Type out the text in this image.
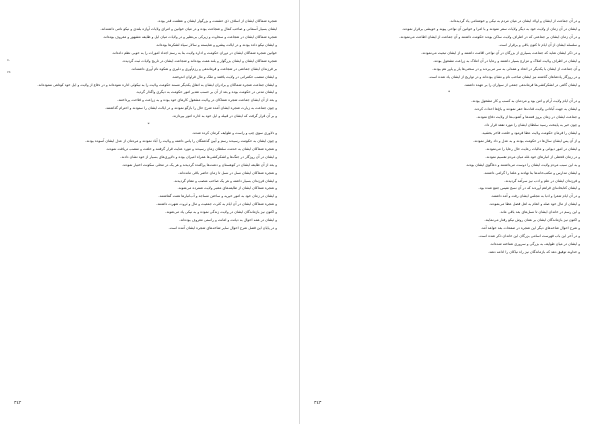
٥٠
٧٥

شجره شماکان ایشان از اسلاف ذی حشمت و بزرگوار ایشان و عظمت قدر بوده.

ایشان بسیار آسمانی و صاحب کمال و شجاعت بوده و در میان خوانین و امرای ولایات آوازه بلندی و نیکو نامی داشته‌اند.

شجره شماکان ایشان در شجاعت و سخاوت و زیرکی بی‌نظیر و در ولایات میان ایل و طایفه مشهور و معروف بوده‌اند.

و ایشان نیکو داده بودند و در ایالت پیشرو و شایسته و سالار سپاه لشکرها بوده‌اند.

خوانین شجره شماکان ایشان در دوران حکومت و اداره ولایت بنا به رسم اجداد امورات را به خوبی نظم داده‌اند.

شجره شماکان ایشان و ایشان بزرگوار و بلند همت بوده‌اند و شجاعت ایشان در تاریخ ولایات ثبت گردیده.

بر فرزندان ایشان جماعتی در شجاعت و فرماندهی و رزم‌آوری و دلیری و شکوه نام آوری داشته‌اند.

و ایشان منصب حکمرانی در ولایت یافتند و ملک و مال فراوان اندوختند.

و ایشان جماعت شجره شماکان و برادران ایشان به اتفاق یکدیگر مسند حکومت ولایت را به نیکوئی اداره نموده‌اند و در دفاع از ولایت و ایل خود کوتاهی ننموده‌اند.

و ایشان مدتی در حکومت بوده و بعد از آن بر حسب تقدیر امور حکومت به دیگری واگذار گردید.

و بعد از آن ایشان جماعت شجره شماکان در ولایت مشغول کارهای خود بوده و به زراعت و فلاحت پرداختند.

و چون جماعت به زیارت شجره ایشان آمده شرح حال را بازگو نمودند و در ایالت ایشان را ستودند و احترام گذاشتند.

و بر آن قرار گرفت که ایشان در قبیله و ایل خود به اداره امور بپردازند.

*

و دلاوری سوی چپ و راست و طوایف کرمان کرده شدند.

و چون ایشان به حکومت رسیدند رسم و آیین گذشتگان را پاس داشته و ولایت را آباد نمودند و مردمان از عدل ایشان آسوده بودند.

و شجره شماکان ایشان به خدمت سلطان زمان رسیدند و مورد عنایت قرار گرفتند و خلعت و منصب دریافت نمودند.

و ایشان در آن روزگار در جنگ‌ها و لشکرکشی‌ها همراه امیران بوده و دلاوری‌های بسیار از خود نشان دادند.

و بعد از آن طایفه ایشان در کوهستان و دشت‌ها پراکنده گردیدند و هر یک در محلی سکونت اختیار نمودند.

و شجره شماکان ایشان نسل در نسل تا زمان حاضر باقی مانده‌اند.

و ایشان فرزندان بسیار داشته و هر یک صاحب منصب و مقام گردیدند.

و شجره شماکان ایشان از طایفه‌های معتبر ولایت شمرده می‌شوند.

و ایشان در زمان خود به امور خیریه و ساختن مساجد و آب‌انبارها همت گماشتند.

و شجره شماکان ایشان در آن ایام به کثرت جمعیت و مال و ثروت شهرت داشتند.

و اکنون نیز بازماندگان ایشان در ولایت زندگی نموده و به نیکی یاد می‌شوند.

و ایشان در همه احوال به دیانت و امانت و راستی معروف بوده‌اند.

و در پایان این فصل شرح احوال سایر شاخه‌های شجره ایشان آمده است.

٣٤٢

و در آن جماعت از ایشان و اولاد ایشان در میان مردم به نیکی و خوشنامی یاد گردیده‌اند.

و ایشان در آن زمان از ولایت خود به دیگر ولایات سفر نمودند و با امرا و خوانین آن نواحی پیوند و خویشی برقرار نمودند.

و در آن زمان ایشان بر جماعتی که در اطراف ولایت ساکن بودند حکومت داشتند و آن جماعت از ایشان اطاعت می‌نمودند.

و سلسله ایشان از آن ایام تا کنون باقی و برقرار است.

و در ذکر ایشان شاید که جماعت بسیاری از بزرگان در آن نواحی اقامت داشتند و از ایشان تبعیت می‌نمودند.

و ایشان در اطراف ولایت املاک و مزارع بسیار داشتند و رعایا در آن املاک به زراعت مشغول بودند.

و آن جماعت از ایشان با یکدیگر در اتحاد و همدلی به سر می‌بردند و در سختی‌ها یار و یاور هم بودند.

و در روزگار پادشاهان گذشته نیز ایشان صاحب نام و نشان بوده‌اند و در تواریخ از ایشان یاد شده است.

و ایشان گاهی در لشکرکشی‌ها فرماندهی جمعی از سواران را بر عهده داشتند.

*

و در آن ایام ولایت آرام و امن بود و مردمان به کسب و کار مشغول بودند.

و ایشان به جهت آبادانی ولایت قنات‌ها حفر نمودند و باغ‌ها احداث کردند.

و جماعت ایشان در زمان بروز فتنه‌ها و آشوب‌ها از ولایت دفاع نمودند.

و چون خبر به پایتخت رسید سلطان ایشان را مورد تفقد قرار داد.

و ایشان را فرمان حکومت ولایت عطا فرمود و خلعت فاخر بخشید.

و از آن پس ایشان سال‌ها در حکومت بودند و به عدل و داد رفتار نمودند.

و ایشان در امور دیوانی و مالیات رعایت حال رعایا را می‌نمودند.

و در زمان قحطی از انبارهای خود غله میان مردم تقسیم نمودند.

و به این سبب مردم ولایت ایشان را دوست می‌داشتند و دعاگوی ایشان بودند.

و ایشان مدارس و مکتب‌خانه‌ها بنا نهادند و علما را گرامی داشتند.

و فرزندان ایشان در علم و ادب نیز سرآمد گردیدند.

و ایشان کتابخانه‌ای فراهم آوردند که در آن نسخ نفیس جمع شده بود.

و در آن ایام شعرا و ادبا به مجلس ایشان رفت و آمد داشتند.

و ایشان از مال خود صله و انعام به اهل فضل عطا می‌نمودند.

و این رسم در خاندان ایشان تا نسل‌های بعد باقی ماند.

و اکنون نیز بازماندگان ایشان بر همان روش نیکو رفتار می‌نمایند.

و شرح احوال شاخه‌های دیگر این شجره در صفحات بعد خواهد آمد.

و در آخر این باب فهرست اسامی بزرگان این خاندان ذکر شده است.

و ایشان در میان طوایف به بزرگی و سروری شناخته شده‌اند.

و خداوند توفیق دهد که بازماندگان نیز راه نیاکان را ادامه دهند.

٣٤٣
